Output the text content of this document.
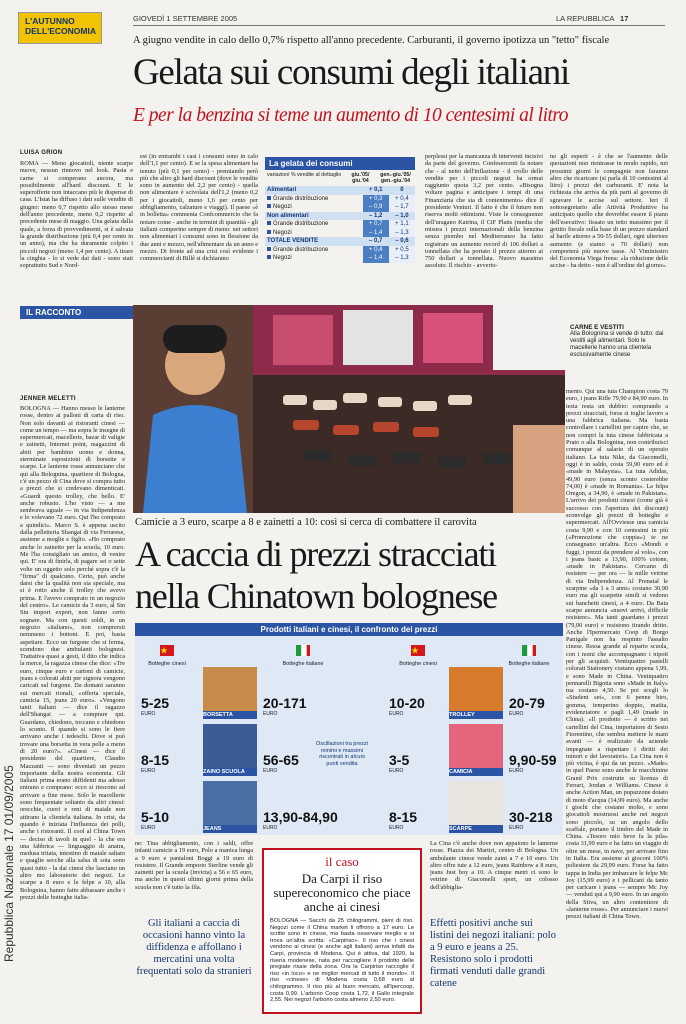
L'AUTUNNO
DELL'ECONOMIA
GIOVEDÌ 1 SETTEMBRE 2005	LA REPUBBLICA 17
A giugno vendite in calo dello 0,7% rispetto all'anno precedente. Carburanti, il governo ipotizza un "tetto" fiscale
Gelata sui consumi degli italiani
E per la benzina si teme un aumento di 10 centesimi al litro
LUISA GRION
ROMA — Meno giocattoli, niente scarpe nuove, nessun rinnovo nel look. Pasta e carne si comperano ancora, ma possibilmente all'hard discount. E le superofferte non intaccano più le dispense di casa. L'Istat ha diffuso i dati sulle vendite di giugno: meno 0,7 rispetto allo stesso mese dell'anno precedente, meno 0,2 rispetto al precedente mese di maggio. Una gelata dalla quale, a forza di provvedimenti, si è salvata la grande distribuzione (più 0,4 per cento in un anno), ma che ha duramente colpito i piccoli negozi (meno 1,4 per cento). A tirare la cinghia - lo si vede dai dati - sono stati soprattutto Sud e Nord-
est (in entrambi i casi i consumi sono in calo dell'1,1 per cento). E se la spesa alimentare ha tenuto (più 0,1 per cento) - premiando però più che altro gli hard discount (dove le vendite sono in aumento del 2,2 per cento) - quella non alimentare è scivolata dell'1,2 (meno 0,2 per i giocattoli, meno 1,6 per cento per abbigliamento, calzature e viaggi). Il paese «è in bolletta» commenta Confcommercio che fa notare come - anche in termini di quantità - gli italiani comperino sempre di meno: nei settori non alimentari i consumi sono in flessione da due anni e mezzo, nell'alimentare da un anno e mezzo. Di fronte ad una crisi così evidente i commercianti di Billè si dichiarano
La gelata dei consumi
variazioni % vendite al dettaglio	giu.'05/ giu.'04
gen.-giu.'05/ gen.-giu.'04
Alimentari	+ 0,1	0
Grande distribuzione	+ 0,3	+ 0,4
Negozi	– 0,9	– 1,7
Non alimentari	– 1,2	– 1,0
Grande distribuzione	+ 0,7	+ 1,1
Negozi	– 1,4	– 1,3
TOTALE VENDITE	– 0,7	– 0,6
Grande distribuzione	+ 0,4	+ 0,5
Negozi	– 1,4	– 1,3
perplessi per la mancanza di interventi incisivi da parte del governo. Confesercenti fa notare che - al netto dell'inflazione - il crollo delle vendite per i piccoli negozi ha ormai raggiunto quota 3,2 per cento. «Bisogna voltare pagina e anticipare i tempi di una Finanziaria che sia di contenimento» dice il presidente Venturi. Il fatto è che il futuro non riserva molti ottimismi. Viste le conseguenze dell'uragano Katrina, il CiF Platts (media che misura i prezzi internazionali della benzina senza piombo nel Mediterraneo ha fatto registrare un aumento record di 106 dollari a tonnellata che ha portato il prezzo attorno ai 750 dollari a tonnellata. Nuovo massimo assoluto. Il rischio - avverto-
no gli esperti - è che se l'aumento delle quotazioni non rientrasse in modo rapido, nei prossimi giorni le compagnie non faranno altro che ricaricare (si parla di 10 centesimi al litro) i prezzi dei carburanti. E' nota la richiesta che arriva da più parti al governo di sgravare le accise sul settore. Ieri il sottosegretario alle Attività Produttive ha anticipato quello che dovrebbe essere il piano dell'esecutivo: fissato un tetto massimo per il gettito fiscale sulla base di un prezzo standard al barile attorno a 50-55 dollari, ogni ulteriore aumento (e siamo a 70 dollari) non comporterà più nuove tasse. Al Viminisstro del Economia Viega frena: «la riduzione delle accise - ha detto - non è all'ordine del giorno».
IL RACCONTO
CARNE E VESTITI
Alla Bolognina si vende di tutto: dai vestiti agli alimentari. Solo le macellerie hanno una clientela esclusivamente cinese
JENNER MELETTI
BOLOGNA — Hanno messo le lanterne rosse, dentro ai palloni di carta di riso. Non solo davanti ai ristoranti cinesi — come un tempo — ma sopra le insegne di supermercati, macellerie, bazar di valigie e zainetti, Internet point, magazzini di abiti per bambino uomo e donna, sterminate esposizioni di borsette e scarpe. Le lanterne rosse annunciano che qui alla Bolognina, quartiere di Bologna, c'è un pezzo di Cina dove si compra tutto a prezzi che si credevano dimenticati. «Guardi questo trolley, che bello. E' anche robusto. L'ho visto — a me sembrava uguale — in via Indipendenza e lo volevano 72 euro. Qui l'ho comprato a quindici». Marco S. è appena uscito dalla pelletteria Shangai di via Ferrarese, assieme a moglie e figlio. «Ho comprato anche lo zainetto per la scuola, 10 euro. Me l'ha consigliato un amico, di venire qui. E' ora di finirla, di pagare sei o sette volte un oggetto solo perché sopra c'è la "firma" di qualcuno. Certo, può anche darsi che la qualità non sia speciale, ma si è rotto anche il trolley che avevo prima. E l'avevo comprato in un negozio del centro». Le camicie da 3 euro, al Sin Sin import export, non fanno certo sognare. Ma con questi soldi, in un negozio «italiano», non comprersti nemmeno i bottoni. E poi, basta aspettare. Ecco un furgone che si ferma, scendono due ambulanti bolognesi. Trattativa quasi a gesti, il dito che indica la merce, la ragazza cinese che dice: «Tre euro, cinque euro e cartoni di camicie, jeans e colorati abiti per signora vengono caricati sul furgone. Da domani saranno sui mercati rionali, «offerta speciale, camicia 15, jeans 20 euro». «Vengono tanti italiani — dice il ragazzo dell'Shangai — a comprare qui. Guardano, chiedono, toccano e chiedono lo sconto. Il quando si sono le fiere arrivano anche i tedeschi. Dove si può trovare una borsetta in vera pelle a meno di 20 euro?». «Cinesi — dice il presidente del quartiere, Claudio Mazzanti — sono diventati un pezzo importante della nostra economia. Gli italiani prima erano diffidenti ma adesso entrano e comprano: ecco si riescono ad arrivare a fine mese. Solo le macellerie sono frequentate soltanto da altri cinesi: orecchie, cuori e reni di maiale non attirano la clientela italiana. In crisi, da quando è iniziata l'influenza dei polli, anche i ristoranti. Il cool al China Town — deciso di tavoli in quel - la che era una fabbrica — linguaggio di anatra, medusa tritata, intestino di maiale saltato e quaglie secche alla salsa di soia sono quasi tutto - la dai cinesi che lasciano un altro mo laboratorie dei negozi. Le scarpe a 8 euro e le felpe a 10, alla Bolognina, hanno fatto abbassare anche i prezzi delle botteghe italia-
Camicie a 3 euro, scarpe a 8 e zainetti a 10: così si cerca di combattere il carovita
A caccia di prezzi stracciati
nella Chinatown bolognese
mento. Qui una tuta Champion costa 79 euro, i jeans Rifle 79,90 e 84,90 euro. In testa resta un dubbio: comprando a prezzi stracciati, forse si toglie lavoro a una fabbrica italiana. Ma basta controllare i cartellini per capire che, se non compri la tuta cinese fabbricata a Prato o alla Bolognina, non contribuisci comunque al salario di un operaio italiano. La tuta Nike, da Giacomelli, oggi è in saldo, costa 59,90 euro ed è «made in Malaysia». La tuta Adidas, 49,90 euro (senza sconto costerebbe 74,00) è «made in Romania». La felpa Oregon, a 34,90, è «made in Pakistan». L'arrivo dei prodotti cinesi (come già è successo con l'apertura dei discount) sconvolge gli prezzi di botteghe e supermercati. All'Ovviesse una camicia costa 9,90 e con 10 centesimi in più («Promozione che coppia») te ne consegnano un'altra. Ecco «Mondi e fuggi, i prezzi da prendere al volo», con i jeans basic a 13,90, 100% cotone, «made in Pakistan». Cercano di resistere — per ora — le mille vetrine di via Indipendenza. Al Prenatal le scarpine «da 1 a 3 anni» costano 30,90 euro ma gli scarpette simili si vedono sui banchetti cinesi, a 4 euro. Da Bata scarpe annuncia «nuovi arrivi, difficile resistere». Ma tanti guardano i prezzi (79,00 euro) e resistono tirando dritto. Anche l'Ipermercato Coop di Borgo Panigale non ha respinto l'assalto cinese. Ressa grande al reparto scuola, con i nomi che accompagnano i nipoti per gli acquisti. Ventiquattro pastelli colorati Stationery costano appena 1,99, e sono Made in China. Ventiquattro pennarelli Bigotta sono «Made in Italy» ma costano 4,50. Se poi scegli lo «Student set», con 6 penne biro, gomma, temperino doppio, matita, evidenziatore e pagli 1,49 (made in China). «Il prodotto — è scritto nei cartellini del Cina, importatore di Sesto Fiorentino, che sembra mettere le mani avanti — è realizzato da aziende impegnate a rispettare i diritti dei minori e dei lavoratori». La Cina non è più vicina, è qui da un pezzo. «Made» in quel Paese sono anche le macchinine Grand Prix costruite su licenza di Ferrari, Jordan e Williams. Cinese è anche Action Man, un pupazzone dotato di moto d'acqua (14,99 euro). Ma anche i giochi che costano molto, e sono giocattoli mostruosi anche nei negozi sono piccolo, su un angolo dello scaffale, portano il timbro del Made in China. «Tesoro mio beve fa la pila» costa 31,99 euro e ha fatto un viaggio di oltre un mese, in nave, per arrivare fino in Italia. Era assieme ai gioconi 100% poliestere da 29,99 euro. Forse ha fatto tappa in India per imbarcare le felpe Mc Joy (15,99 euro) e i pellicani da tanto per caricare i jeans — sempre Mc Joy — venduti qui a 9,90 euro. In un angolo della Stiva, un altro contenitore di «lanterne rosse». Per annunciare i nuovi prezzi italiani di China Town.
Prodotti italiani e cinesi, il confronto dei prezzi
Botteghe cinesi	Botteghe italiane	Botteghe cinesi	Botteghe italiane
5-25
EURO	BORSETTA
20-171
EURO
8-15
EURO	ZAINO SCUOLA
56-65
EURO
5-10
EURO	JEANS
13,90-84,90
EURO
Oscillazioni tra prezzi minimi e massimi riscontrati in alcuni punti vendita
10-20
EURO	TROLLEY
20-79
EURO
3-5
EURO	CAMICIA
9,90-59
EURO
8-15
EURO	SCARPE
30-218
EURO
ne: Tina abbigliamento, con i saldi, offre infanti camicie a 19 euro, Polo a manica lunga a 9 euro e pantaloni Boggi a 19 euro di resistere. Il Grande emporio Sterline vende gli zainetti per la scuola (invicta) a 56 e 65 euro, ma anche in questi ultimi giorni prima della scuola non c'è tutto la fila.
Gli italiani a caccia di occasioni hanno vinto la diffidenza e affollano i mercatini una volta frequentati solo da stranieri
il caso
Da Carpi il riso supereconomico che piace anche ai cinesi
BOLOGNA — Sacchi da 25 chilogrammi, pieni di riso. Negozi come il China market li offrono a 17 euro. Le scritte sono in cinese, ma basta osservare meglio e si trova un'altra scritta: «Carpiriso». Il riso che i cinesi vendono ai cinesi (e anche agli italiani) arriva infatti da Carpi, provincia di Modena. Qui è attiva, dal 1920, la riseria modenese, nata per raccogliere il prodotto delle pregiate risaie della zona. Ora la Carpiriso raccoglie il riso «in loco» e ne miglior mercati di tutto il mondo». Il riso «cinese» di Modena costa 0,68 euro al chilogrammo. Il riso più al buon mercato, all'Ipercoop, costa 0,99. L'arborio Coop costa 1,72, il Gallo integrale 2,55. Nei negozi l'arborio costa almeno 2,50 euro.
La Cina c'è anche dove non appaiono le lanterne rosse. Piazza dei Martiri, centro di Bologna. Un ambulante cinese vende zaini a 7 e 10 euro. Un altro offre tute a 12 euro, jeans Rainbow a 8 euro, jeans Just boy a 10. A cinque metri ci sono le vetrine di Giacomelli sport, un colosso dell'abbiglia-
Effetti positivi anche sui listini dei negozi italiani: polo a 9 euro e jeans a 25. Resistono solo i prodotti firmati venduti dalle grandi catene
Repubblica Nazionale 17 01/09/2005
